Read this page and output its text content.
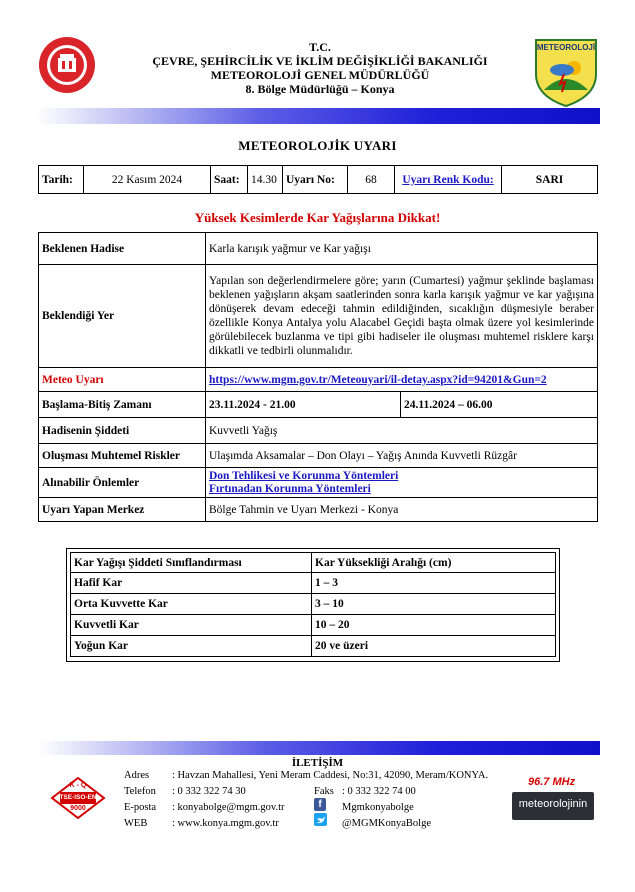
T.C.
ÇEVRE, ŞEHİRCİLİK VE İKLİM DEĞİŞİKLİĞİ BAKANLIĞI
METEOROLOJİ GENEL MÜDÜRLÜĞÜ
8. Bölge Müdürlüğü – Konya
METEOROLOJİ
METEOROLOJİK UYARI
Tarih:	22 Kasım 2024	Saat:	14.30	Uyarı No:	68	Uyarı Renk Kodu:	SARI
Yüksek Kesimlerde Kar Yağışlarına Dikkat!
Beklenen Hadise	Karla karışık yağmur ve Kar yağışı	
Beklendiği Yer	Yapılan son değerlendirmelere göre; yarın (Cumartesi) yağmur şeklinde başlaması beklenen yağışların akşam saatlerinden sonra karla karışık yağmur ve kar yağışına dönüşerek devam edeceği tahmin edildiğinden, sıcaklığın düşmesiyle beraber özellikle Konya Antalya yolu Alacabel Geçidi başta olmak üzere yol kesimlerinde görülebilecek buzlanma ve tipi gibi hadiseler ile oluşması muhtemel risklere karşı dikkatli ve tedbirli olunmalıdır.	
Meteo Uyarı	https://www.mgm.gov.tr/Meteouyari/il-detay.aspx?id=94201&Gun=2	
Başlama-Bitiş Zamanı	23.11.2024 - 21.00	24.11.2024 – 06.00
Hadisenin Şiddeti	Kuvvetli Yağış	
Oluşması Muhtemel Riskler	Ulaşımda Aksamalar – Don Olayı – Yağış Anında Kuvvetli Rüzgâr	
Alınabilir Önlemler	Don Tehlikesi ve Korunma Yöntemleri
Fırtınadan Korunma Yöntemleri	
Uyarı Yapan Merkez	Bölge Tahmin ve Uyarı Merkezi - Konya	
Kar Yağışı Şiddeti Sınıflandırması	Kar Yüksekliği Aralığı (cm)
Hafif Kar	1 – 3
Orta Kuvvette Kar	3 – 10
Kuvvetli Kar	10 – 20
Yoğun Kar	20 ve üzeri
İLETİŞİM
K - Q
TSE-ISO-EN
9000
Adres : Havzan Mahallesi, Yeni Meram Caddesi, No:31, 42090, Meram/KONYA.
Telefon : 0 332 322 74 30	Faks : 0 332 322 74 00
E-posta : konyabolge@mgm.gov.tr	f	Mgmkonyabolge
WEB : www.konya.mgm.gov.tr	@MGMKonyaBolge
96.7 MHz
meteorolojinin
